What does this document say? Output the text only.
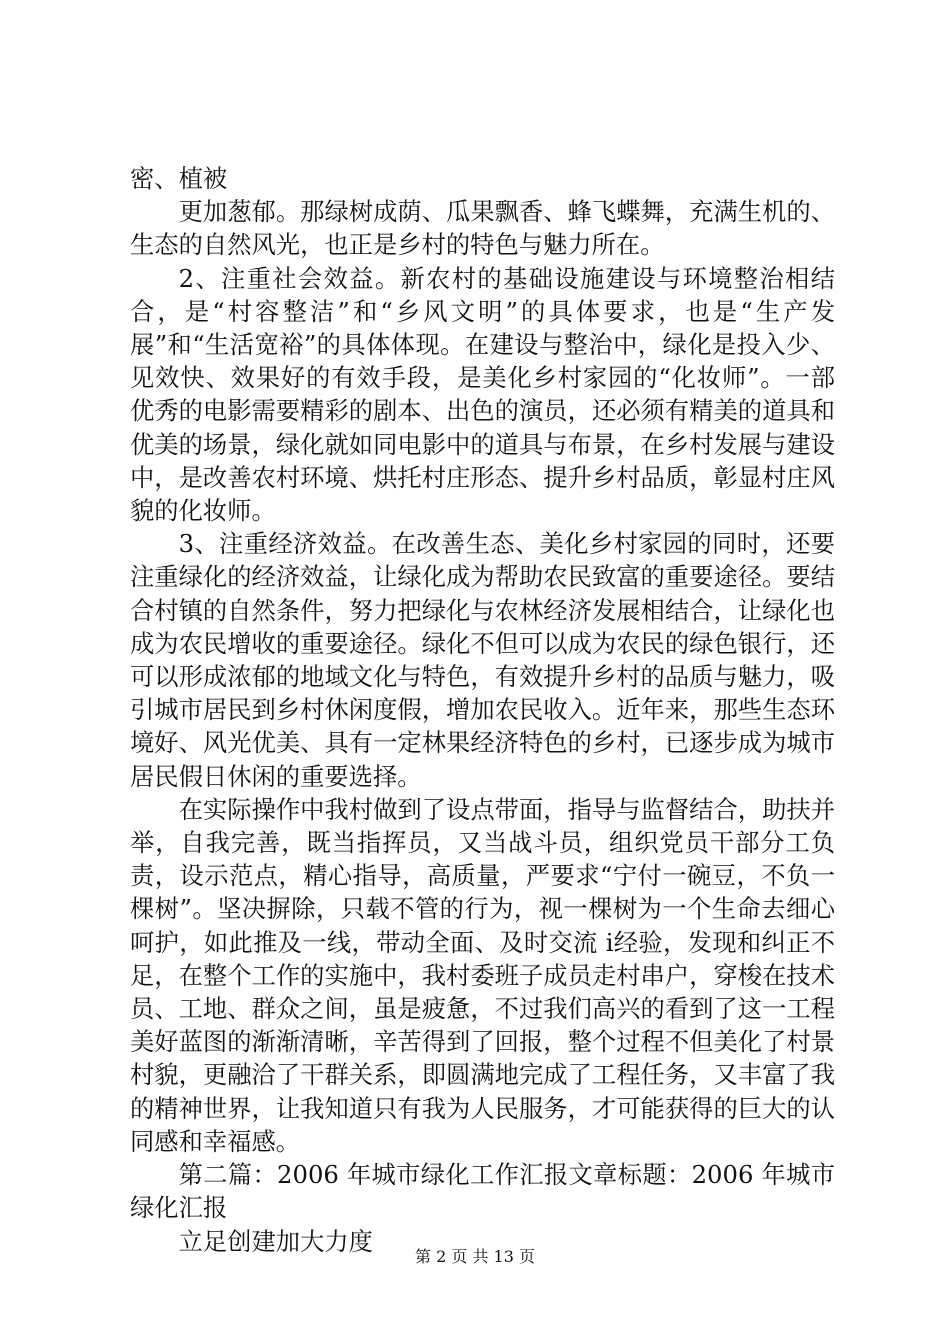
密、植被

更加葱郁。那绿树成荫、瓜果飘香、蜂飞蝶舞，充满生机的、生态的自然风光，也正是乡村的特色与魅力所在。

2、注重社会效益。新农村的基础设施建设与环境整治相结合，是“村容整洁”和“乡风文明”的具体要求，也是“生产发展”和“生活宽裕”的具体体现。在建设与整治中，绿化是投入少、见效快、效果好的有效手段，是美化乡村家园的“化妆师”。一部优秀的电影需要精彩的剧本、出色的演员，还必须有精美的道具和优美的场景，绿化就如同电影中的道具与布景，在乡村发展与建设中，是改善农村环境、烘托村庄形态、提升乡村品质，彰显村庄风貌的化妆师。

3、注重经济效益。在改善生态、美化乡村家园的同时，还要注重绿化的经济效益，让绿化成为帮助农民致富的重要途径。要结合村镇的自然条件，努力把绿化与农林经济发展相结合，让绿化也成为农民增收的重要途径。绿化不但可以成为农民的绿色银行，还可以形成浓郁的地域文化与特色，有效提升乡村的品质与魅力，吸引城市居民到乡村休闲度假，增加农民收入。近年来，那些生态环境好、风光优美、具有一定林果经济特色的乡村，已逐步成为城市居民假日休闲的重要选择。

在实际操作中我村做到了设点带面，指导与监督结合，助扶并举，自我完善，既当指挥员，又当战斗员，组织党员干部分工负责，设示范点，精心指导，高质量，严要求“宁付一碗豆，不负一棵树”。坚决摒除，只载不管的行为，视一棵树为一个生命去细心呵护，如此推及一线，带动全面、及时交流 i经验，发现和纠正不足，在整个工作的实施中，我村委班子成员走村串户，穿梭在技术员、工地、群众之间，虽是疲惫，不过我们高兴的看到了这一工程美好蓝图的渐渐清晰，辛苦得到了回报，整个过程不但美化了村景村貌，更融洽了干群关系，即圆满地完成了工程任务，又丰富了我的精神世界，让我知道只有我为人民服务，才可能获得的巨大的认同感和幸福感。

第二篇：2006 年城市绿化工作汇报文章标题：2006 年城市绿化汇报

立足创建加大力度

第 2 页 共 13 页
